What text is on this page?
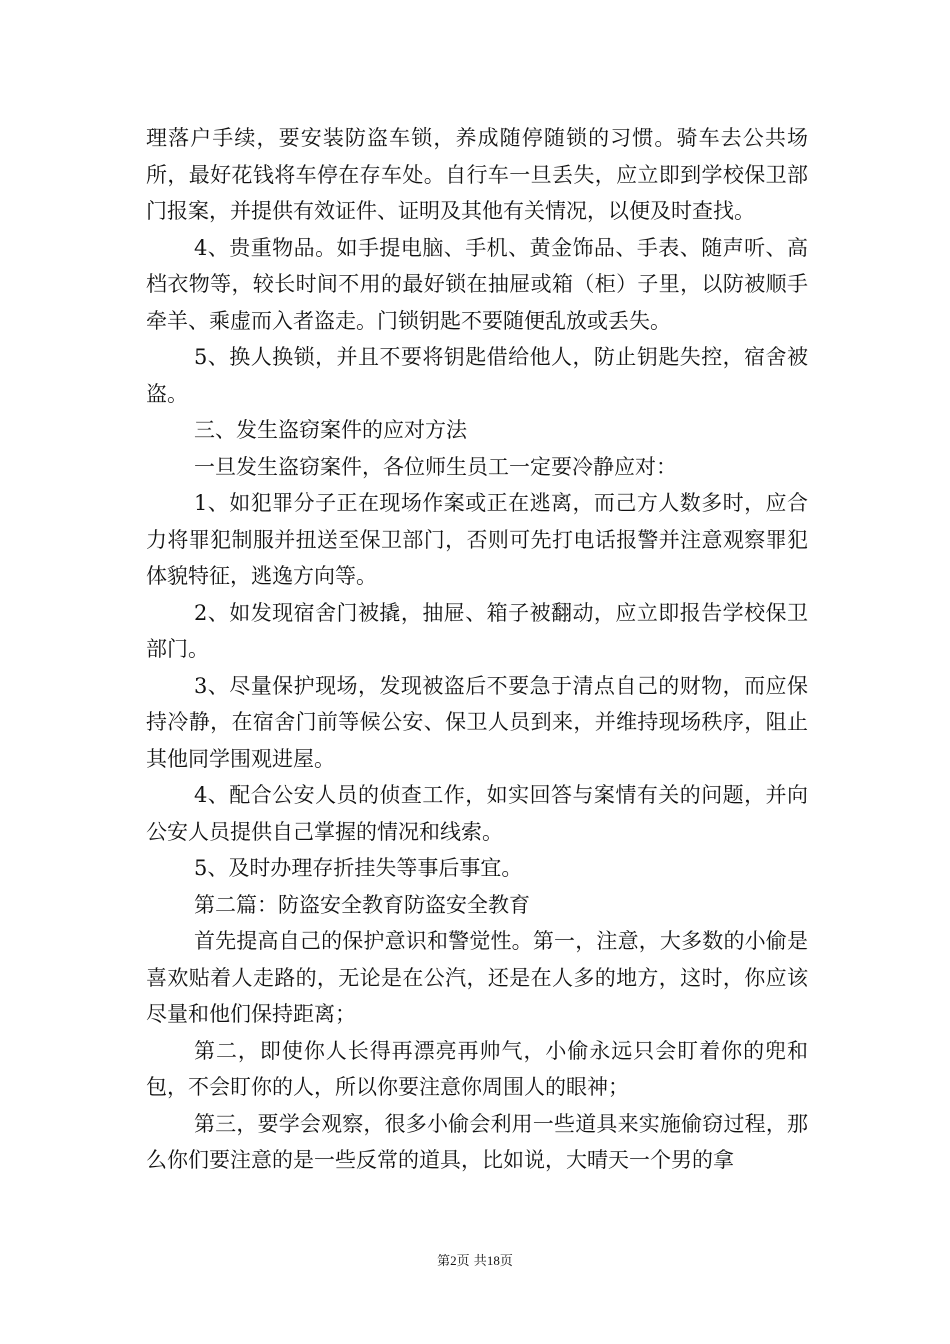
理落户手续，要安装防盗车锁，养成随停随锁的习惯。骑车去公共场所，最好花钱将车停在存车处。自行车一旦丢失，应立即到学校保卫部门报案，并提供有效证件、证明及其他有关情况，以便及时查找。

4、贵重物品。如手提电脑、手机、黄金饰品、手表、随声听、高档衣物等，较长时间不用的最好锁在抽屉或箱（柜）子里，以防被顺手牵羊、乘虚而入者盗走。门锁钥匙不要随便乱放或丢失。

5、换人换锁，并且不要将钥匙借给他人，防止钥匙失控，宿舍被盗。

三、发生盗窃案件的应对方法

一旦发生盗窃案件，各位师生员工一定要冷静应对：

1、如犯罪分子正在现场作案或正在逃离，而己方人数多时，应合力将罪犯制服并扭送至保卫部门，否则可先打电话报警并注意观察罪犯体貌特征，逃逸方向等。

2、如发现宿舍门被撬，抽屉、箱子被翻动，应立即报告学校保卫部门。

3、尽量保护现场，发现被盗后不要急于清点自己的财物，而应保持冷静，在宿舍门前等候公安、保卫人员到来，并维持现场秩序，阻止其他同学围观进屋。

4、配合公安人员的侦查工作，如实回答与案情有关的问题，并向公安人员提供自己掌握的情况和线索。

5、及时办理存折挂失等事后事宜。

第二篇：防盗安全教育防盗安全教育

首先提高自己的保护意识和警觉性。第一，注意，大多数的小偷是喜欢贴着人走路的，无论是在公汽，还是在人多的地方，这时，你应该尽量和他们保持距离；

第二，即使你人长得再漂亮再帅气，小偷永远只会盯着你的兜和包，不会盯你的人，所以你要注意你周围人的眼神；

第三，要学会观察，很多小偷会利用一些道具来实施偷窃过程，那么你们要注意的是一些反常的道具，比如说，大晴天一个男的拿

第2页 共18页
